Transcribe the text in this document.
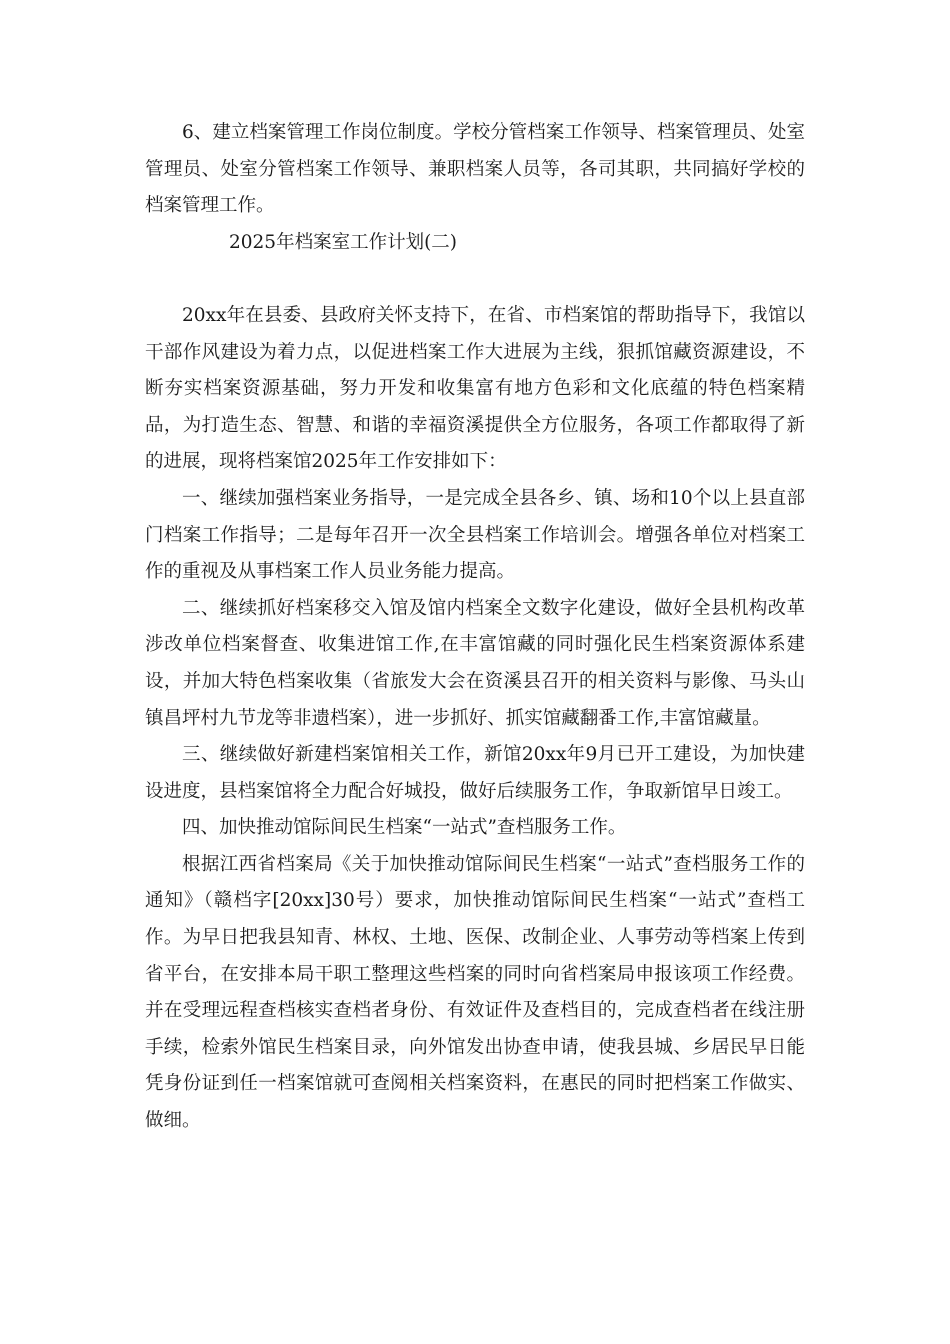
6、建立档案管理工作岗位制度。学校分管档案工作领导、档案管理员、处室管理员、处室分管档案工作领导、兼职档案人员等，各司其职，共同搞好学校的档案管理工作。

2025年档案室工作计划(二)

20xx年在县委、县政府关怀支持下，在省、市档案馆的帮助指导下，我馆以干部作风建设为着力点，以促进档案工作大进展为主线，狠抓馆藏资源建设，不断夯实档案资源基础，努力开发和收集富有地方色彩和文化底蕴的特色档案精品，为打造生态、智慧、和谐的幸福资溪提供全方位服务，各项工作都取得了新的进展，现将档案馆2025年工作安排如下：

一、继续加强档案业务指导，一是完成全县各乡、镇、场和10个以上县直部门档案工作指导；二是每年召开一次全县档案工作培训会。增强各单位对档案工作的重视及从事档案工作人员业务能力提高。

二、继续抓好档案移交入馆及馆内档案全文数字化建设，做好全县机构改革涉改单位档案督查、收集进馆工作,在丰富馆藏的同时强化民生档案资源体系建设，并加大特色档案收集（省旅发大会在资溪县召开的相关资料与影像、马头山镇昌坪村九节龙等非遗档案），进一步抓好、抓实馆藏翻番工作,丰富馆藏量。

三、继续做好新建档案馆相关工作，新馆20xx年9月已开工建设，为加快建设进度，县档案馆将全力配合好城投，做好后续服务工作，争取新馆早日竣工。

四、加快推动馆际间民生档案“一站式”查档服务工作。

根据江西省档案局《关于加快推动馆际间民生档案“一站式”查档服务工作的通知》（赣档字[20xx]30号）要求，加快推动馆际间民生档案“一站式”查档工作。为早日把我县知青、林权、土地、医保、改制企业、人事劳动等档案上传到省平台，在安排本局干职工整理这些档案的同时向省档案局申报该项工作经费。并在受理远程查档核实查档者身份、有效证件及查档目的，完成查档者在线注册手续，检索外馆民生档案目录，向外馆发出协查申请，使我县城、乡居民早日能凭身份证到任一档案馆就可查阅相关档案资料，在惠民的同时把档案工作做实、做细。
